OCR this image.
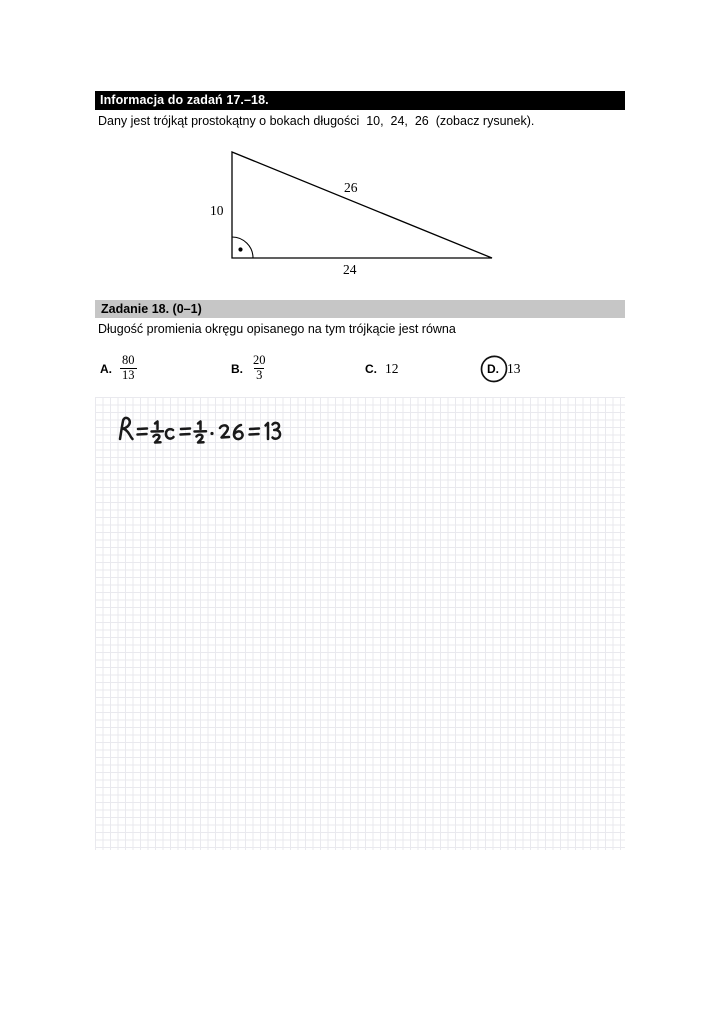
Informacja do zadań 17.–18.
Dany jest trójkąt prostokątny o bokach długości  10,  24,  26  (zobacz rysunek).
10
26
24
Zadanie 18. (0–1)
Długość promienia okręgu opisanego na tym trójkącie jest równa
A. $\frac{80}{13}$	B. $\frac{20}{3}$	C. 12	D. 13
